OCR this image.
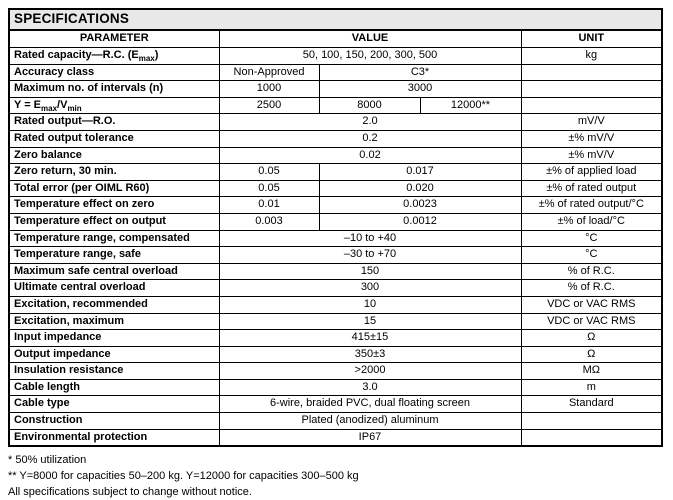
SPECIFICATIONS				
PARAMETER	VALUE			UNIT
Rated capacity—R.C. $(E_{max})$	50, 100, 150, 200, 300, 500			kg
Accuracy class	Non-Approved	C3*		
Maximum no. of intervals (n)	1000	3000		
$Y = E_{max}/V_{min}$	2500	8000	12000**	
Rated output—R.O.	2.0			mV/V
Rated output tolerance	0.2			±% mV/V
Zero balance	0.02			±% mV/V
Zero return, 30 min.	0.05	0.017		±% of applied load
Total error (per OIML R60)	0.05	0.020		±% of rated output
Temperature effect on zero	0.01	0.0023		±% of rated output/°C
Temperature effect on output	0.003	0.0012		±% of load/°C
Temperature range, compensated	–10 to +40			°C
Temperature range, safe	–30 to +70			°C
Maximum safe central overload	150			% of R.C.
Ultimate central overload	300			% of R.C.
Excitation, recommended	10			VDC or VAC RMS
Excitation, maximum	15			VDC or VAC RMS
Input impedance	415±15			Ω
Output impedance	350±3			Ω
Insulation resistance	>2000			MΩ
Cable length	3.0			m
Cable type	6-wire, braided PVC, dual floating screen			Standard
Construction	Plated (anodized) aluminum			
Environmental protection	IP67			
* 50% utilization
** Y=8000 for capacities 50–200 kg. Y=12000 for capacities 300–500 kg
All specifications subject to change without notice.
